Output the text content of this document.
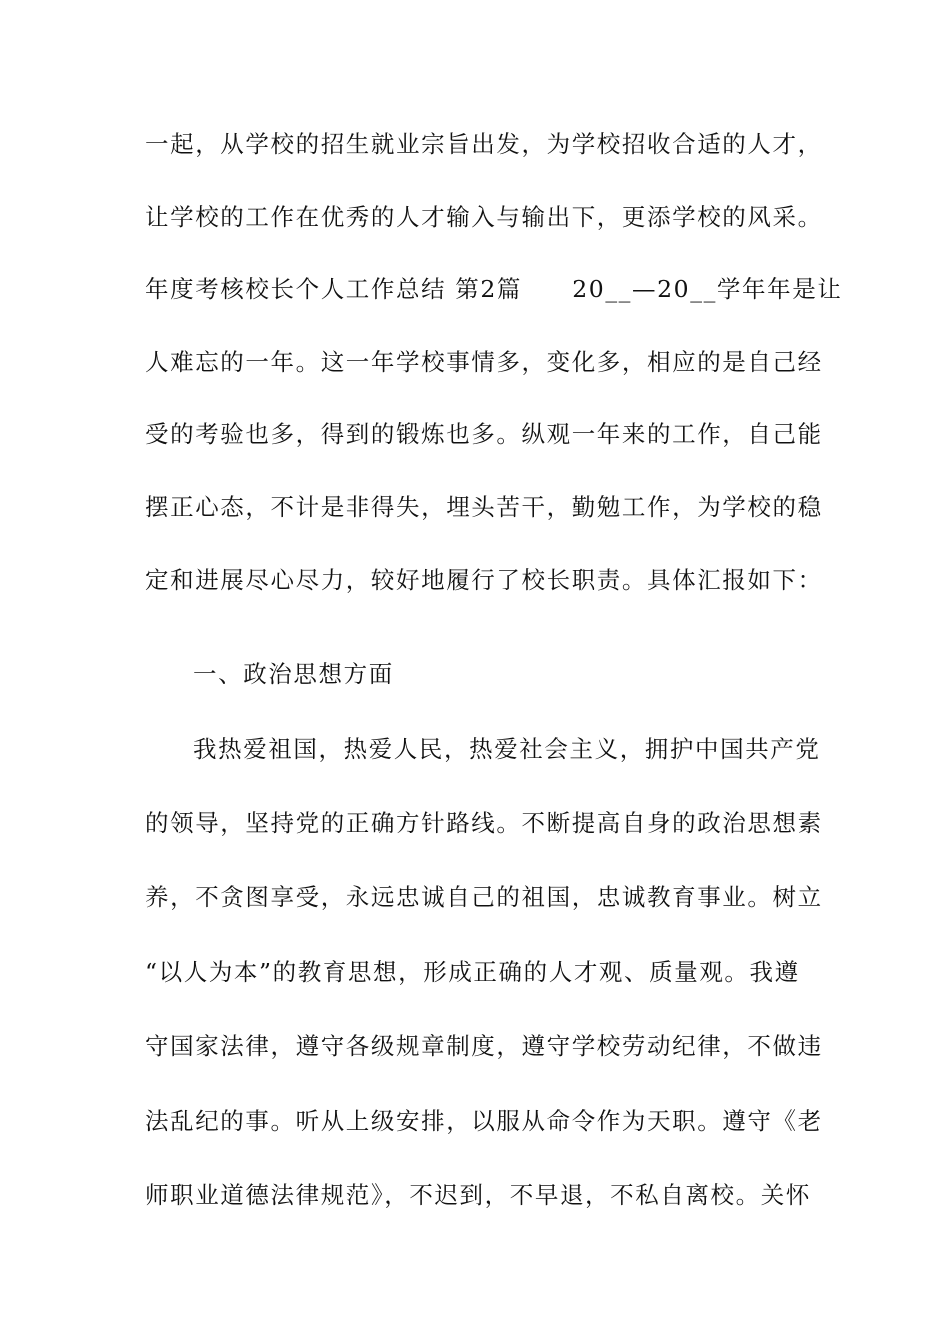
一起，从学校的招生就业宗旨出发，为学校招收合适的人才，
让学校的工作在优秀的人才输入与输出下，更添学校的风采。
年度考核校长个人工作总结 第2篇　　20__—20__学年年是让
人难忘的一年。这一年学校事情多，变化多，相应的是自己经
受的考验也多，得到的锻炼也多。纵观一年来的工作，自己能
摆正心态，不计是非得失，埋头苦干，勤勉工作，为学校的稳
定和进展尽心尽力，较好地履行了校长职责。具体汇报如下：
一、政治思想方面
我热爱祖国，热爱人民，热爱社会主义，拥护中国共产党
的领导，坚持党的正确方针路线。不断提高自身的政治思想素
养，不贪图享受，永远忠诚自己的祖国，忠诚教育事业。树立
“以人为本”的教育思想，形成正确的人才观、质量观。我遵
守国家法律，遵守各级规章制度，遵守学校劳动纪律，不做违
法乱纪的事。听从上级安排，以服从命令作为天职。遵守《老
师职业道德法律规范》，不迟到，不早退，不私自离校。关怀
